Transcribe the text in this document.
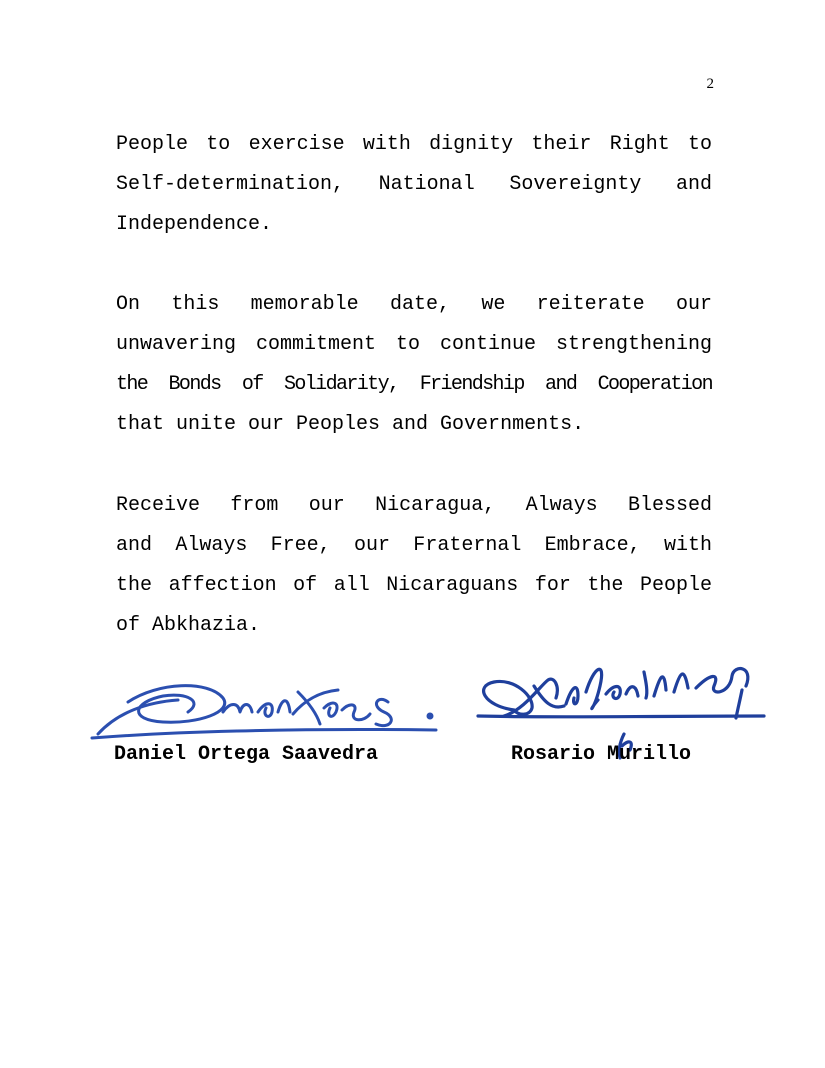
2

People to exercise with dignity their Right to
Self-determination, National Sovereignty and
Independence.

On this memorable date, we reiterate our
unwavering commitment to continue strengthening
the Bonds of Solidarity, Friendship and Cooperation
that unite our Peoples and Governments.

Receive from our Nicaragua, Always Blessed
and Always Free, our Fraternal Embrace, with
the affection of all Nicaraguans for the People
of Abkhazia.

Daniel Ortega Saavedra	Rosario Murillo
